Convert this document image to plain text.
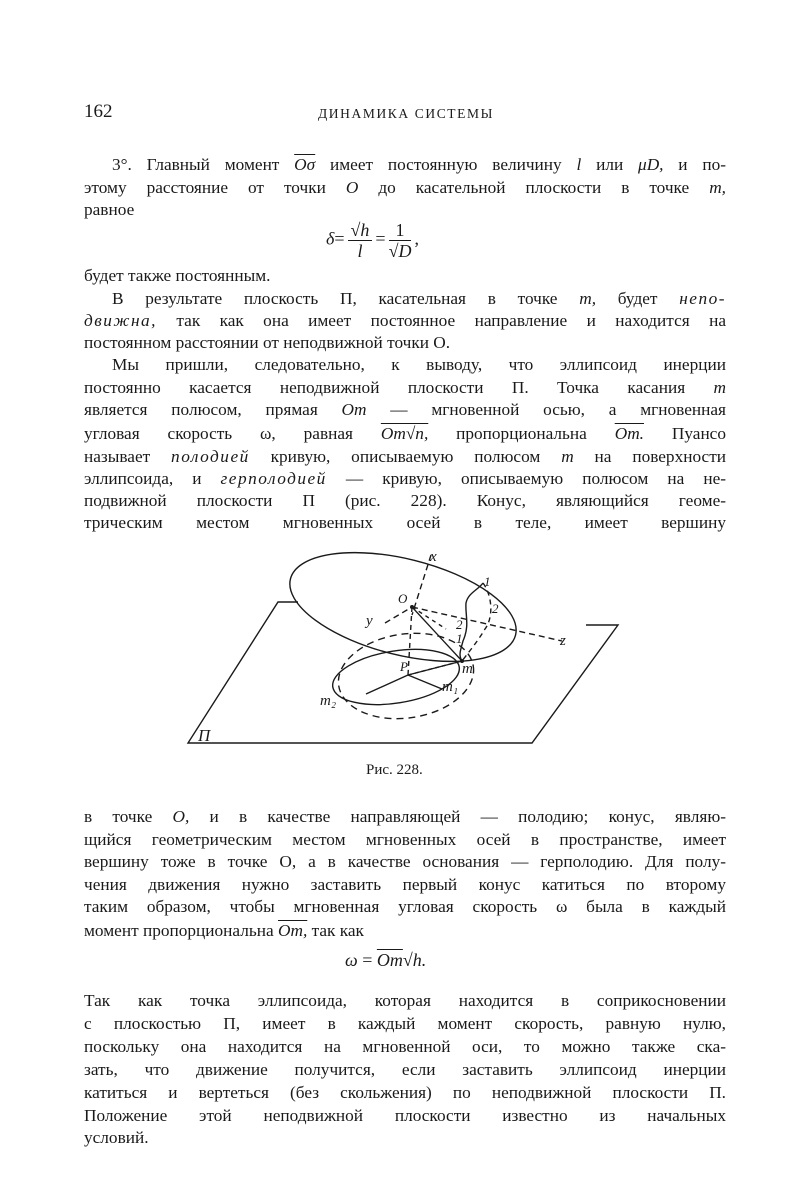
162	ДИНАМИКА СИСТЕМЫ
3°. Главный момент $\overline{O\sigma}$ имеет постоянную величину l или μD, и по-
этому расстояние от точки O до касательной плоскости в точке m,
равное
$\delta= \frac{√h}{l} = \frac{1}{√D}$ ,
будет также постоянным.
В результате плоскость П, касательная в точке m, будет непо-
движна, так как она имеет постоянное направление и находится на
постоянном расстоянии от неподвижной точки O.
Мы пришли, следовательно, к выводу, что эллипсоид инерции
постоянно касается неподвижной плоскости П. Точка касания m
является полюсом, прямая Om — мгновенной осью, а мгновенная
угловая скорость ω, равная Om√n, пропорциональна Om. Пуансо
называет полодией кривую, описываемую полюсом m на поверхности
эллипсоида, и герполодией — кривую, описываемую полюсом на не-
подвижной плоскости П (рис. 228). Конус, являющийся геоме-
трическим местом мгновенных осей в теле, имеет вершину
x
y
z
O
P	m
m₁
m₂
1
1
2
2
П
Рис. 228.
в точке O, и в качестве направляющей — полодию; конус, являю-
щийся геометрическим местом мгновенных осей в пространстве, имеет
вершину тоже в точке O, а в качестве основания — герполодию. Для полу-
чения движения нужно заставить первый конус катиться по второму
таким образом, чтобы мгновенная угловая скорость ω была в каждый
момент пропорциональна Om, так как
$\omega = \overline{Om}√h$.
Так как точка эллипсоида, которая находится в соприкосновении
с плоскостью П, имеет в каждый момент скорость, равную нулю,
поскольку она находится на мгновенной оси, то можно также ска-
зать, что движение получится, если заставить эллипсоид инерции
катиться и вертеться (без скольжения) по неподвижной плоскости П.
Положение этой неподвижной плоскости известно из начальных
условий.
